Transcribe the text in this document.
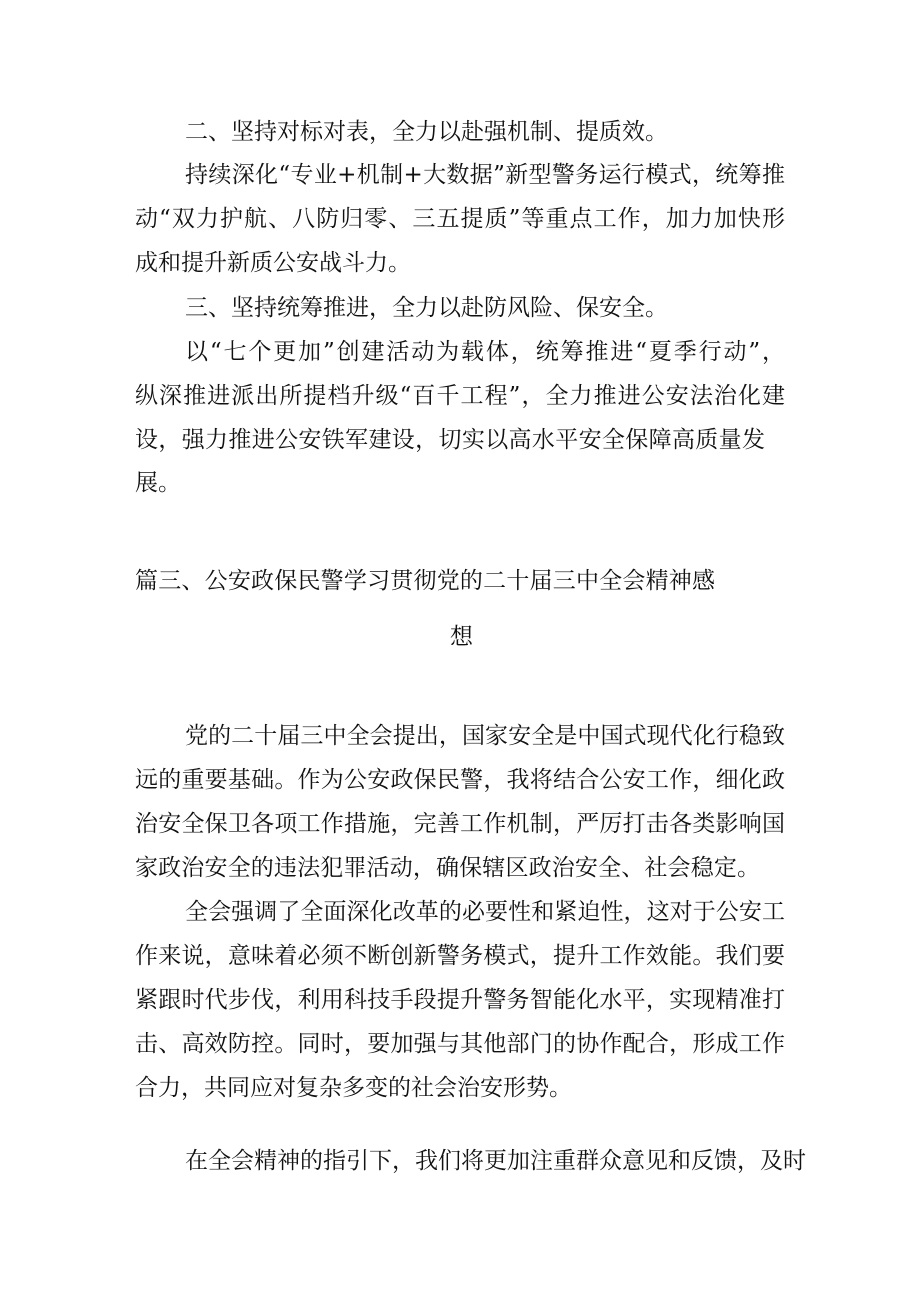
二、坚持对标对表，全力以赴强机制、提质效。

持续深化“专业+机制+大数据”新型警务运行模式，统筹推

动“双力护航、八防归零、三五提质”等重点工作，加力加快形

成和提升新质公安战斗力。

三、坚持统筹推进，全力以赴防风险、保安全。

以“七个更加”创建活动为载体，统筹推进“夏季行动”，

纵深推进派出所提档升级“百千工程”，全力推进公安法治化建

设，强力推进公安铁军建设，切实以高水平安全保障高质量发

展。

篇三、公安政保民警学习贯彻党的二十届三中全会精神感

想

党的二十届三中全会提出，国家安全是中国式现代化行稳致

远的重要基础。作为公安政保民警，我将结合公安工作，细化政

治安全保卫各项工作措施，完善工作机制，严厉打击各类影响国

家政治安全的违法犯罪活动，确保辖区政治安全、社会稳定。

全会强调了全面深化改革的必要性和紧迫性，这对于公安工

作来说，意味着必须不断创新警务模式，提升工作效能。我们要

紧跟时代步伐，利用科技手段提升警务智能化水平，实现精准打

击、高效防控。同时，要加强与其他部门的协作配合，形成工作

合力，共同应对复杂多变的社会治安形势。

在全会精神的指引下，我们将更加注重群众意见和反馈，及时
